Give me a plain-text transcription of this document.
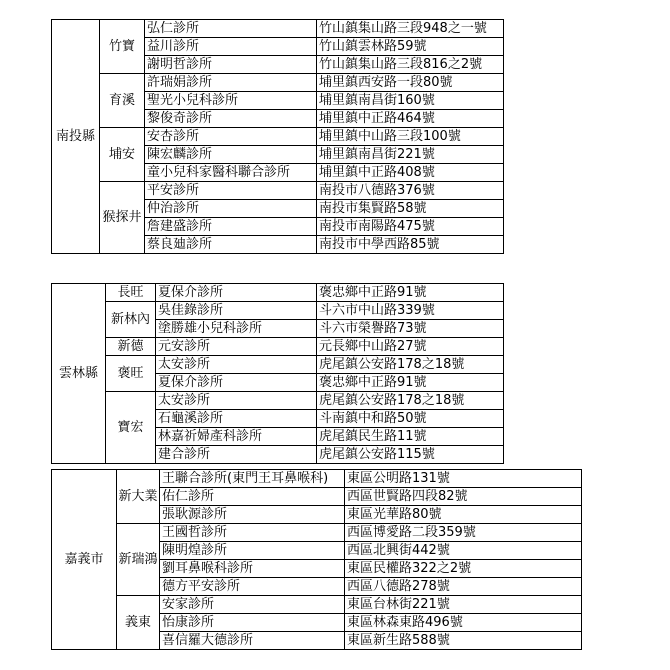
南投縣	竹寶	弘仁診所	竹山鎮集山路三段948之一號
		益川診所	竹山鎮雲林路59號
		謝明哲診所	竹山鎮集山路三段816之2號
	育溪	許瑞娟診所	埔里鎮西安路一段80號
		聖光小兒科診所	埔里鎮南昌街160號
		黎俊奇診所	埔里鎮中正路464號
	埔安	安杏診所	埔里鎮中山路三段100號
		陳宏麟診所	埔里鎮南昌街221號
		童小兒科家醫科聯合診所	埔里鎮中正路408號
	猴探井	平安診所	南投市八德路376號
		仲治診所	南投市集賢路58號
		詹建盛診所	南投市南陽路475號
		蔡良廸診所	南投市中學西路85號
雲林縣	長旺	夏保介診所	褒忠鄉中正路91號
	新林內	吳佳錄診所	斗六市中山路339號
		塗勝雄小兒科診所	斗六市榮譽路73號
	新德	元安診所	元長鄉中山路27號
	褒旺	太安診所	虎尾鎮公安路178之18號
		夏保介診所	褒忠鄉中正路91號
	寶宏	太安診所	虎尾鎮公安路178之18號
		石龜溪診所	斗南鎮中和路50號
		林嘉祈婦產科診所	虎尾鎮民生路11號
		建合診所	虎尾鎮公安路115號
嘉義市	新大業	王聯合診所(東門王耳鼻喉科)	東區公明路131號
		佑仁診所	西區世賢路四段82號
		張耿源診所	東區光華路80號
	新瑞鴻	王國哲診所	西區博愛路二段359號
		陳明煌診所	西區北興街442號
		劉耳鼻喉科診所	東區民權路322之2號
		德方平安診所	西區八德路278號
	義東	安家診所	東區台林街221號
		怡康診所	東區林森東路496號
		喜信羅大德診所	東區新生路588號
